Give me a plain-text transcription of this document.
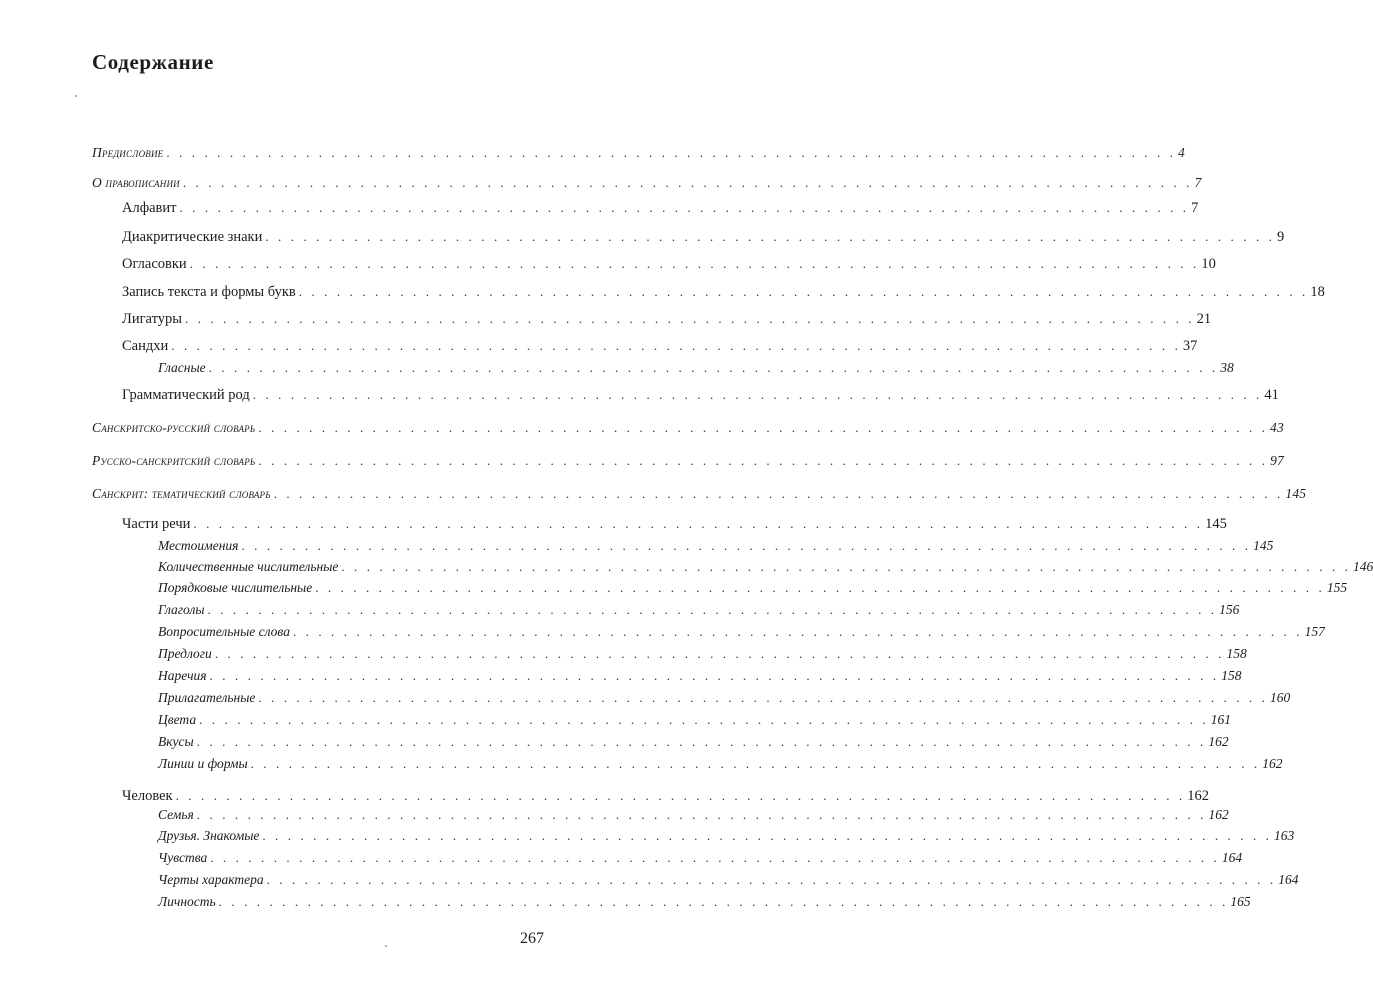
Содержание
Предисловие . . . . . . . . . . . . . . . . . . . . . . . . . . . . . . . . . . . . . . . . . . . . . . . . . . . . . . . . . . . . . . . . . . . . . . . . . . . . . . . . 4
О правописании . . . . . . . . . . . . . . . . . . . . . . . . . . . . . . . . . . . . . . . . . . . . . . . . . . . . . . . . . . . . . . . . . . . . . . . . . . . . . . . . 7
Алфавит . . . . . . . . . . . . . . . . . . . . . . . . . . . . . . . . . . . . . . . . . . . . . . . . . . . . . . . . . . . . . . . . . . . . . . . . . . . . . . . . 7
Диакритические знаки . . . . . . . . . . . . . . . . . . . . . . . . . . . . . . . . . . . . . . . . . . . . . . . . . . . . . . . . . . . . . . . . . . . . . . . . . . . . . . . . 9
Огласовки . . . . . . . . . . . . . . . . . . . . . . . . . . . . . . . . . . . . . . . . . . . . . . . . . . . . . . . . . . . . . . . . . . . . . . . . . . . . . . . . 10
Запись текста и формы букв . . . . . . . . . . . . . . . . . . . . . . . . . . . . . . . . . . . . . . . . . . . . . . . . . . . . . . . . . . . . . . . . . . . . . . . . . . . . . . . . 18
Лигатуры . . . . . . . . . . . . . . . . . . . . . . . . . . . . . . . . . . . . . . . . . . . . . . . . . . . . . . . . . . . . . . . . . . . . . . . . . . . . . . . . 21
Сандхи . . . . . . . . . . . . . . . . . . . . . . . . . . . . . . . . . . . . . . . . . . . . . . . . . . . . . . . . . . . . . . . . . . . . . . . . . . . . . . . . 37
Гласные . . . . . . . . . . . . . . . . . . . . . . . . . . . . . . . . . . . . . . . . . . . . . . . . . . . . . . . . . . . . . . . . . . . . . . . . . . . . . . . . 38
Грамматический род . . . . . . . . . . . . . . . . . . . . . . . . . . . . . . . . . . . . . . . . . . . . . . . . . . . . . . . . . . . . . . . . . . . . . . . . . . . . . . . . 41
Санскритско-русский словарь . . . . . . . . . . . . . . . . . . . . . . . . . . . . . . . . . . . . . . . . . . . . . . . . . . . . . . . . . . . . . . . . . . . . . . . . . . . . . . . . 43
Русско-санскритский словарь . . . . . . . . . . . . . . . . . . . . . . . . . . . . . . . . . . . . . . . . . . . . . . . . . . . . . . . . . . . . . . . . . . . . . . . . . . . . . . . . 97
Санскрит: тематический словарь . . . . . . . . . . . . . . . . . . . . . . . . . . . . . . . . . . . . . . . . . . . . . . . . . . . . . . . . . . . . . . . . . . . . . . . . . . . . . . . . 145
Части речи . . . . . . . . . . . . . . . . . . . . . . . . . . . . . . . . . . . . . . . . . . . . . . . . . . . . . . . . . . . . . . . . . . . . . . . . . . . . . . . . 145
Местоимения . . . . . . . . . . . . . . . . . . . . . . . . . . . . . . . . . . . . . . . . . . . . . . . . . . . . . . . . . . . . . . . . . . . . . . . . . . . . . . . . 145
Количественные числительные . . . . . . . . . . . . . . . . . . . . . . . . . . . . . . . . . . . . . . . . . . . . . . . . . . . . . . . . . . . . . . . . . . . . . . . . . . . . . . . . 146
Порядковые числительные . . . . . . . . . . . . . . . . . . . . . . . . . . . . . . . . . . . . . . . . . . . . . . . . . . . . . . . . . . . . . . . . . . . . . . . . . . . . . . . . 155
Глаголы . . . . . . . . . . . . . . . . . . . . . . . . . . . . . . . . . . . . . . . . . . . . . . . . . . . . . . . . . . . . . . . . . . . . . . . . . . . . . . . . 156
Вопросительные слова . . . . . . . . . . . . . . . . . . . . . . . . . . . . . . . . . . . . . . . . . . . . . . . . . . . . . . . . . . . . . . . . . . . . . . . . . . . . . . . . 157
Предлоги . . . . . . . . . . . . . . . . . . . . . . . . . . . . . . . . . . . . . . . . . . . . . . . . . . . . . . . . . . . . . . . . . . . . . . . . . . . . . . . . 158
Наречия . . . . . . . . . . . . . . . . . . . . . . . . . . . . . . . . . . . . . . . . . . . . . . . . . . . . . . . . . . . . . . . . . . . . . . . . . . . . . . . . 158
Прилагательные . . . . . . . . . . . . . . . . . . . . . . . . . . . . . . . . . . . . . . . . . . . . . . . . . . . . . . . . . . . . . . . . . . . . . . . . . . . . . . . . 160
Цвета . . . . . . . . . . . . . . . . . . . . . . . . . . . . . . . . . . . . . . . . . . . . . . . . . . . . . . . . . . . . . . . . . . . . . . . . . . . . . . . . 161
Вкусы . . . . . . . . . . . . . . . . . . . . . . . . . . . . . . . . . . . . . . . . . . . . . . . . . . . . . . . . . . . . . . . . . . . . . . . . . . . . . . . . 162
Линии и формы . . . . . . . . . . . . . . . . . . . . . . . . . . . . . . . . . . . . . . . . . . . . . . . . . . . . . . . . . . . . . . . . . . . . . . . . . . . . . . . . 162
Человек . . . . . . . . . . . . . . . . . . . . . . . . . . . . . . . . . . . . . . . . . . . . . . . . . . . . . . . . . . . . . . . . . . . . . . . . . . . . . . . . 162
Семья . . . . . . . . . . . . . . . . . . . . . . . . . . . . . . . . . . . . . . . . . . . . . . . . . . . . . . . . . . . . . . . . . . . . . . . . . . . . . . . . 162
Друзья. Знакомые . . . . . . . . . . . . . . . . . . . . . . . . . . . . . . . . . . . . . . . . . . . . . . . . . . . . . . . . . . . . . . . . . . . . . . . . . . . . . . . . 163
Чувства . . . . . . . . . . . . . . . . . . . . . . . . . . . . . . . . . . . . . . . . . . . . . . . . . . . . . . . . . . . . . . . . . . . . . . . . . . . . . . . . 164
Черты характера . . . . . . . . . . . . . . . . . . . . . . . . . . . . . . . . . . . . . . . . . . . . . . . . . . . . . . . . . . . . . . . . . . . . . . . . . . . . . . . . 164
Личность . . . . . . . . . . . . . . . . . . . . . . . . . . . . . . . . . . . . . . . . . . . . . . . . . . . . . . . . . . . . . . . . . . . . . . . . . . . . . . . . 165
267
